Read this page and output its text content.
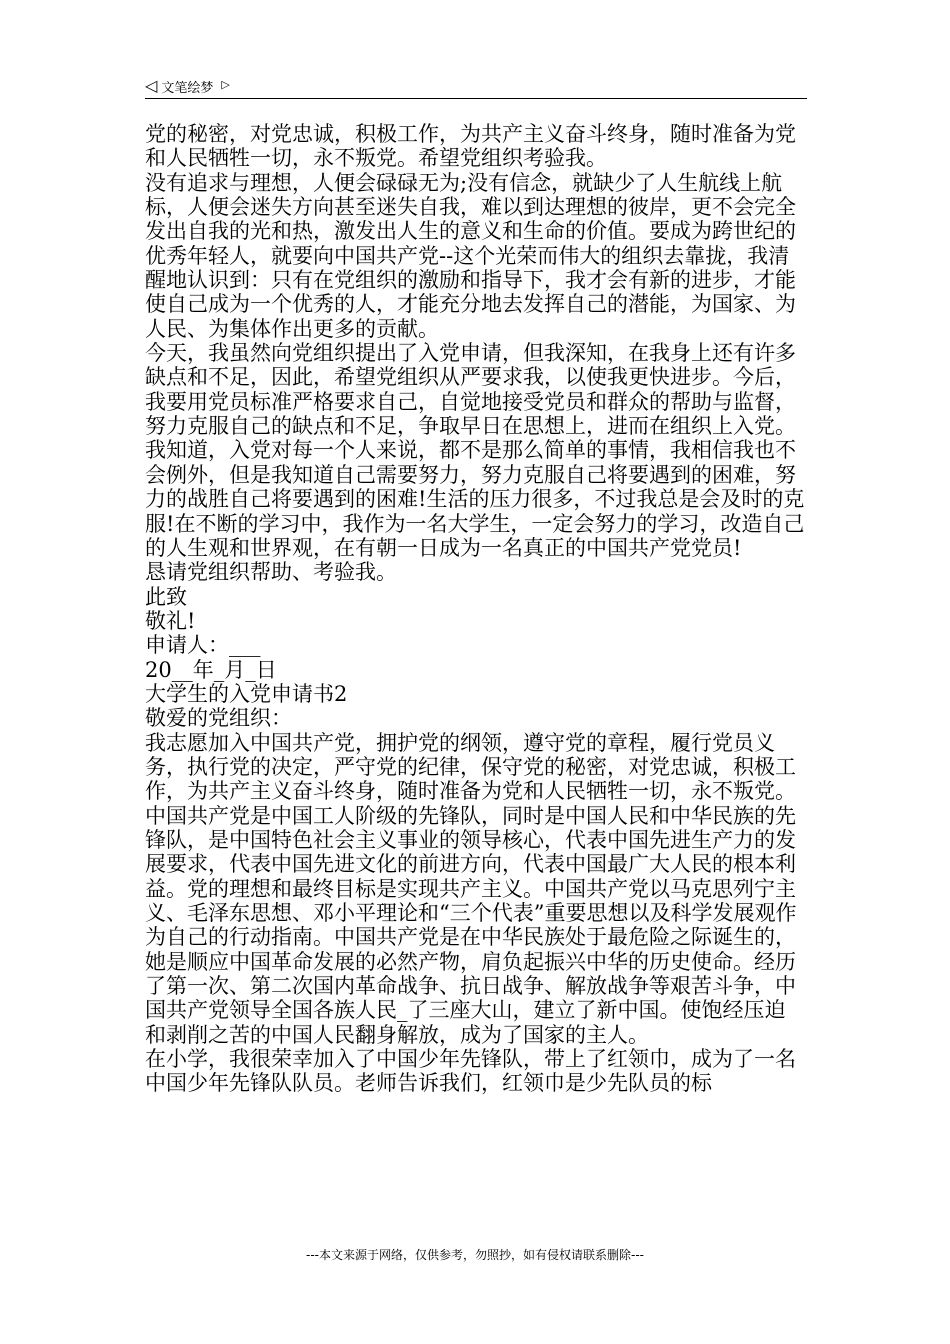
◁ 文笔绘梦 ▷

党的秘密，对党忠诚，积极工作，为共产主义奋斗终身，随时准备为党和人民牺牲一切，永不叛党。希望党组织考验我。

没有追求与理想，人便会碌碌无为;没有信念，就缺少了人生航线上航标，人便会迷失方向甚至迷失自我，难以到达理想的彼岸，更不会完全发出自我的光和热，激发出人生的意义和生命的价值。要成为跨世纪的优秀年轻人，就要向中国共产党--这个光荣而伟大的组织去靠拢，我清醒地认识到：只有在党组织的激励和指导下，我才会有新的进步，才能使自己成为一个优秀的人，才能充分地去发挥自己的潜能，为国家、为人民、为集体作出更多的贡献。

今天，我虽然向党组织提出了入党申请，但我深知，在我身上还有许多缺点和不足，因此，希望党组织从严要求我，以使我更快进步。今后，我要用党员标准严格要求自己，自觉地接受党员和群众的帮助与监督，努力克服自己的缺点和不足，争取早日在思想上，进而在组织上入党。

我知道，入党对每一个人来说，都不是那么简单的事情，我相信我也不会例外，但是我知道自己需要努力，努力克服自己将要遇到的困难，努力的战胜自己将要遇到的困难!生活的压力很多，不过我总是会及时的克服!在不断的学习中，我作为一名大学生，一定会努力的学习，改造自己的人生观和世界观，在有朝一日成为一名真正的中国共产党党员!

恳请党组织帮助、考验我。

此致

敬礼!

申请人：___

20__年_月_日

大学生的入党申请书2

敬爱的党组织：

我志愿加入中国共产党，拥护党的纲领，遵守党的章程，履行党员义务，执行党的决定，严守党的纪律，保守党的秘密，对党忠诚，积极工作，为共产主义奋斗终身，随时准备为党和人民牺牲一切，永不叛党。

中国共产党是中国工人阶级的先锋队，同时是中国人民和中华民族的先锋队，是中国特色社会主义事业的领导核心，代表中国先进生产力的发展要求，代表中国先进文化的前进方向，代表中国最广大人民的根本利益。党的理想和最终目标是实现共产主义。中国共产党以马克思列宁主义、毛泽东思想、邓小平理论和“三个代表”重要思想以及科学发展观作为自己的行动指南。中国共产党是在中华民族处于最危险之际诞生的，她是顺应中国革命发展的必然产物，肩负起振兴中华的历史使命。经历了第一次、第二次国内革命战争、抗日战争、解放战争等艰苦斗争，中国共产党领导全国各族人民_了三座大山，建立了新中国。使饱经压迫和剥削之苦的中国人民翻身解放，成为了国家的主人。

在小学，我很荣幸加入了中国少年先锋队，带上了红领巾，成为了一名中国少年先锋队队员。老师告诉我们，红领巾是少先队员的标

---本文来源于网络，仅供参考，勿照抄，如有侵权请联系删除---
